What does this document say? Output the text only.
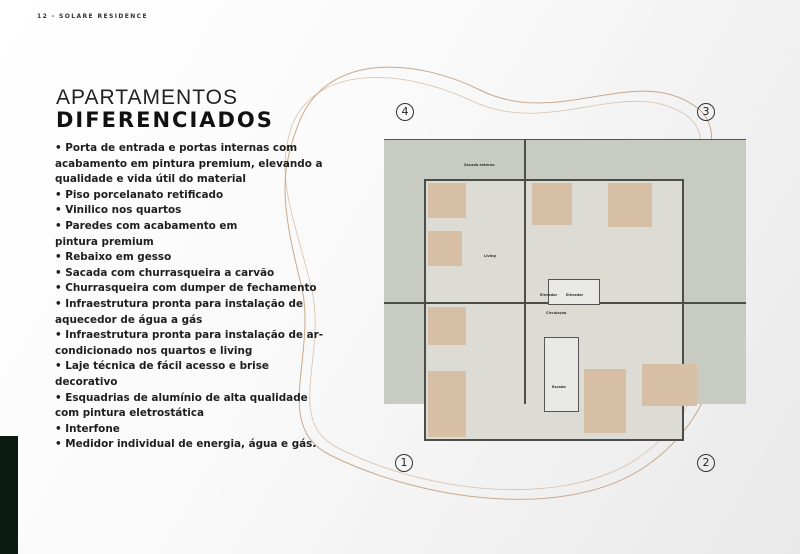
12 - SOLARE RESIDENCE
APARTAMENTOS
DIFERENCIADOS
• Porta de entrada e portas internas com acabamento em pintura premium, elevando a qualidade e vida útil do material
• Piso porcelanato retificado
• Vinilico nos quartos
• Paredes com acabamento em pintura premium
• Rebaixo em gesso
• Sacada com churrasqueira a carvão
• Churrasqueira com dumper de fechamento
• Infraestrutura pronta para instalação de aquecedor de água a gás
• Infraestrutura pronta para instalação de ar-condicionado nos quartos e living
• Laje técnica de fácil acesso e brise decorativo
• Esquadrias de alumínio de alta qualidade com pintura eletrostática
• Interfone
• Medidor individual de energia, água e gás.
4	3
1	2
Elevador	Elevador
Circulação
Escada
Living
Sacada externa
